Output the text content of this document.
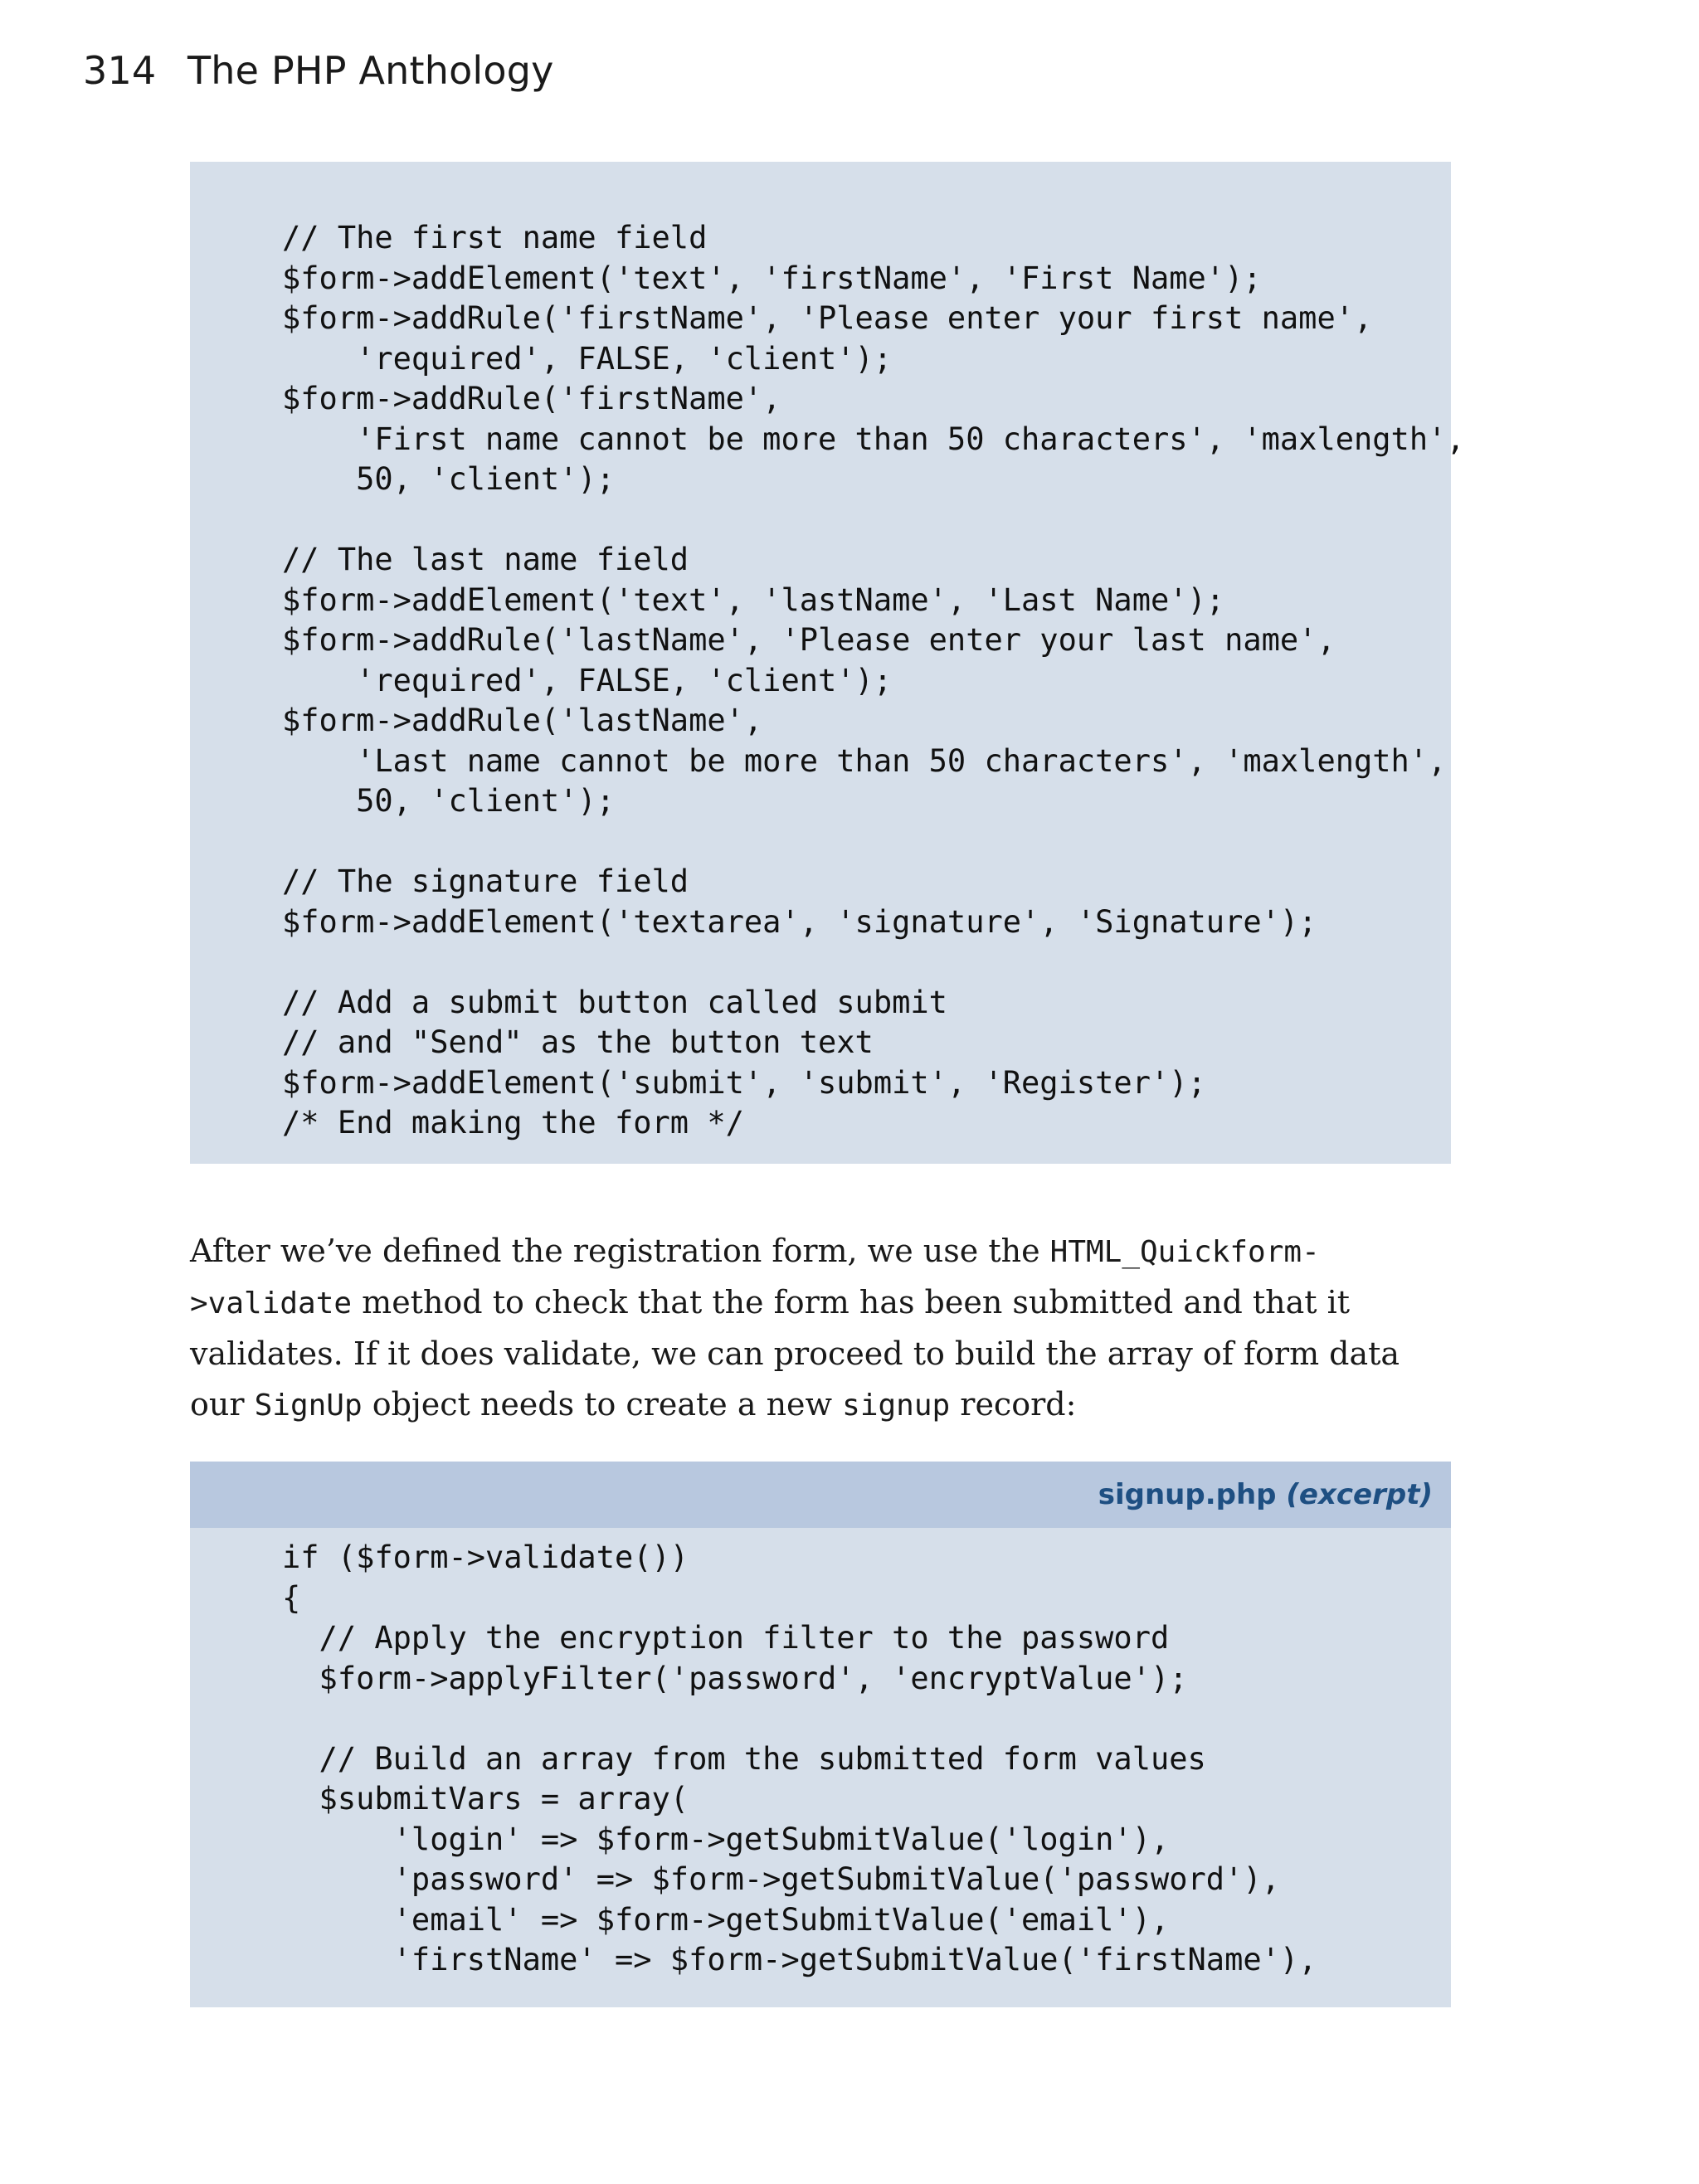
314 The PHP Anthology
// The first name field
$form->addElement('text', 'firstName', 'First Name');
$form->addRule('firstName', 'Please enter your first name',
'required', FALSE, 'client');
$form->addRule('firstName',
'First name cannot be more than 50 characters', 'maxlength',
50, 'client');
// The last name field
$form->addElement('text', 'lastName', 'Last Name');
$form->addRule('lastName', 'Please enter your last name',
'required', FALSE, 'client');
$form->addRule('lastName',
'Last name cannot be more than 50 characters', 'maxlength',
50, 'client');
// The signature field
$form->addElement('textarea', 'signature', 'Signature');
// Add a submit button called submit
// and "Send" as the button text
$form->addElement('submit', 'submit', 'Register');
/* End making the form */

After we’ve defined the registration form, we use the HTML_Quickform->validate method to check that the form has been submitted and that it validates. If it does validate, we can proceed to build the array of form data our SignUp object needs to create a new signup record:

signup.php (excerpt)
if ($form->validate())
{
// Apply the encryption filter to the password
$form->applyFilter('password', 'encryptValue');
// Build an array from the submitted form values
$submitVars = array(
'login' => $form->getSubmitValue('login'),
'password' => $form->getSubmitValue('password'),
'email' => $form->getSubmitValue('email'),
'firstName' => $form->getSubmitValue('firstName'),
